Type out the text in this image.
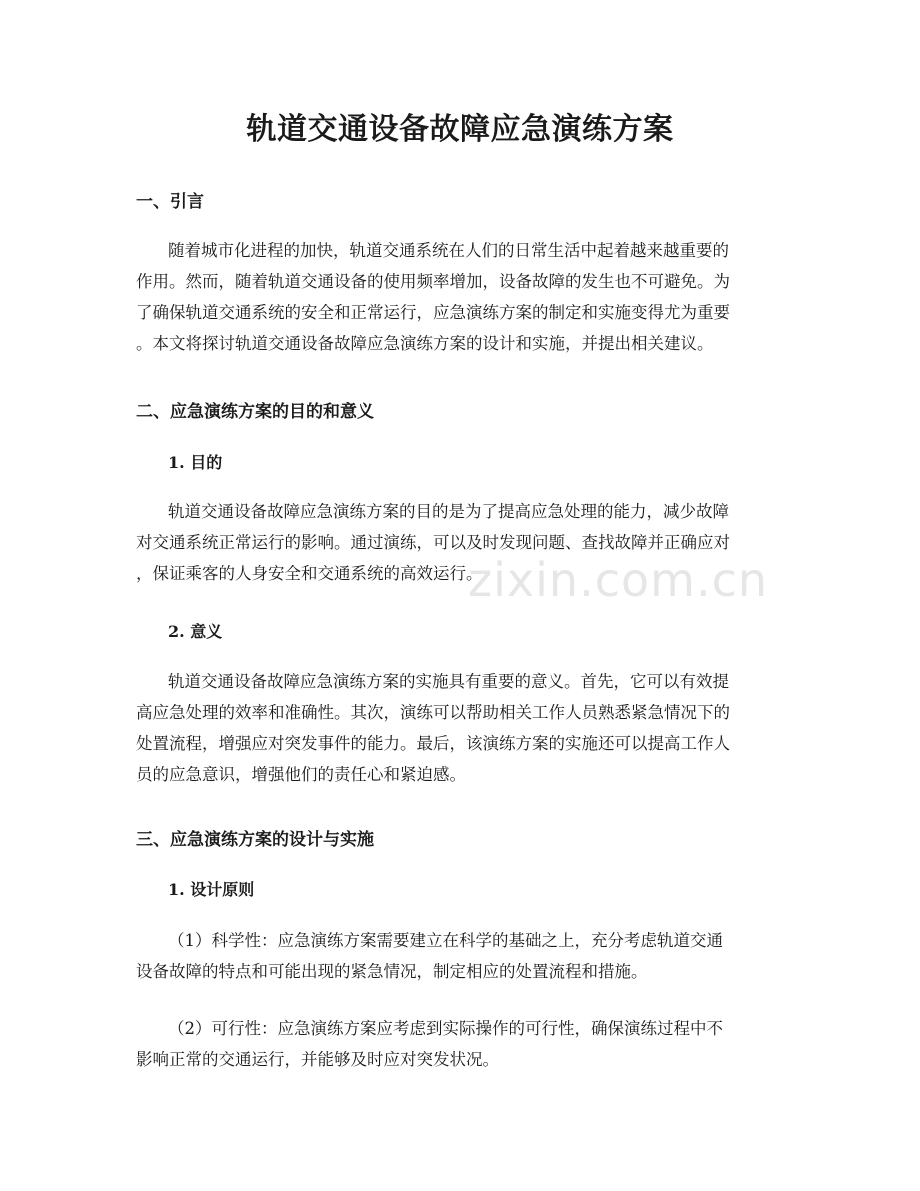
轨道交通设备故障应急演练方案
一、引言
随着城市化进程的加快，轨道交通系统在人们的日常生活中起着越来越重要的
作用。然而，随着轨道交通设备的使用频率增加，设备故障的发生也不可避免。为
了确保轨道交通系统的安全和正常运行，应急演练方案的制定和实施变得尤为重要
。本文将探讨轨道交通设备故障应急演练方案的设计和实施，并提出相关建议。
二、应急演练方案的目的和意义
1. 目的
轨道交通设备故障应急演练方案的目的是为了提高应急处理的能力，减少故障
对交通系统正常运行的影响。通过演练，可以及时发现问题、查找故障并正确应对
，保证乘客的人身安全和交通系统的高效运行。
2. 意义
轨道交通设备故障应急演练方案的实施具有重要的意义。首先，它可以有效提
高应急处理的效率和准确性。其次，演练可以帮助相关工作人员熟悉紧急情况下的
处置流程，增强应对突发事件的能力。最后，该演练方案的实施还可以提高工作人
员的应急意识，增强他们的责任心和紧迫感。
三、应急演练方案的设计与实施
1. 设计原则
（1）科学性：应急演练方案需要建立在科学的基础之上，充分考虑轨道交通
设备故障的特点和可能出现的紧急情况，制定相应的处置流程和措施。
（2）可行性：应急演练方案应考虑到实际操作的可行性，确保演练过程中不
影响正常的交通运行，并能够及时应对突发状况。
zixin.com.cn
